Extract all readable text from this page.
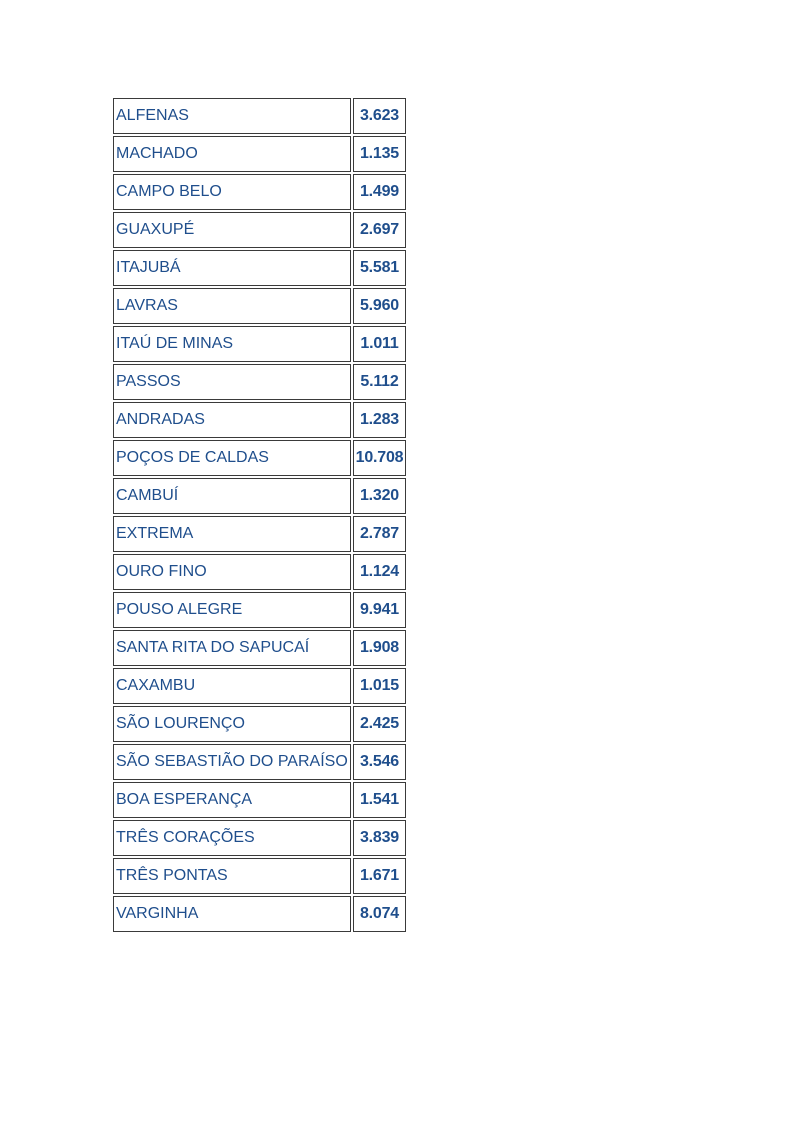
ALFENAS	3.623
MACHADO	1.135
CAMPO BELO	1.499
GUAXUPÉ	2.697
ITAJUBÁ	5.581
LAVRAS	5.960
ITAÚ DE MINAS	1.011
PASSOS	5.112
ANDRADAS	1.283
POÇOS DE CALDAS	10.708
CAMBUÍ	1.320
EXTREMA	2.787
OURO FINO	1.124
POUSO ALEGRE	9.941
SANTA RITA DO SAPUCAÍ	1.908
CAXAMBU	1.015
SÃO LOURENÇO	2.425
SÃO SEBASTIÃO DO PARAÍSO	3.546
BOA ESPERANÇA	1.541
TRÊS CORAÇÕES	3.839
TRÊS PONTAS	1.671
VARGINHA	8.074
